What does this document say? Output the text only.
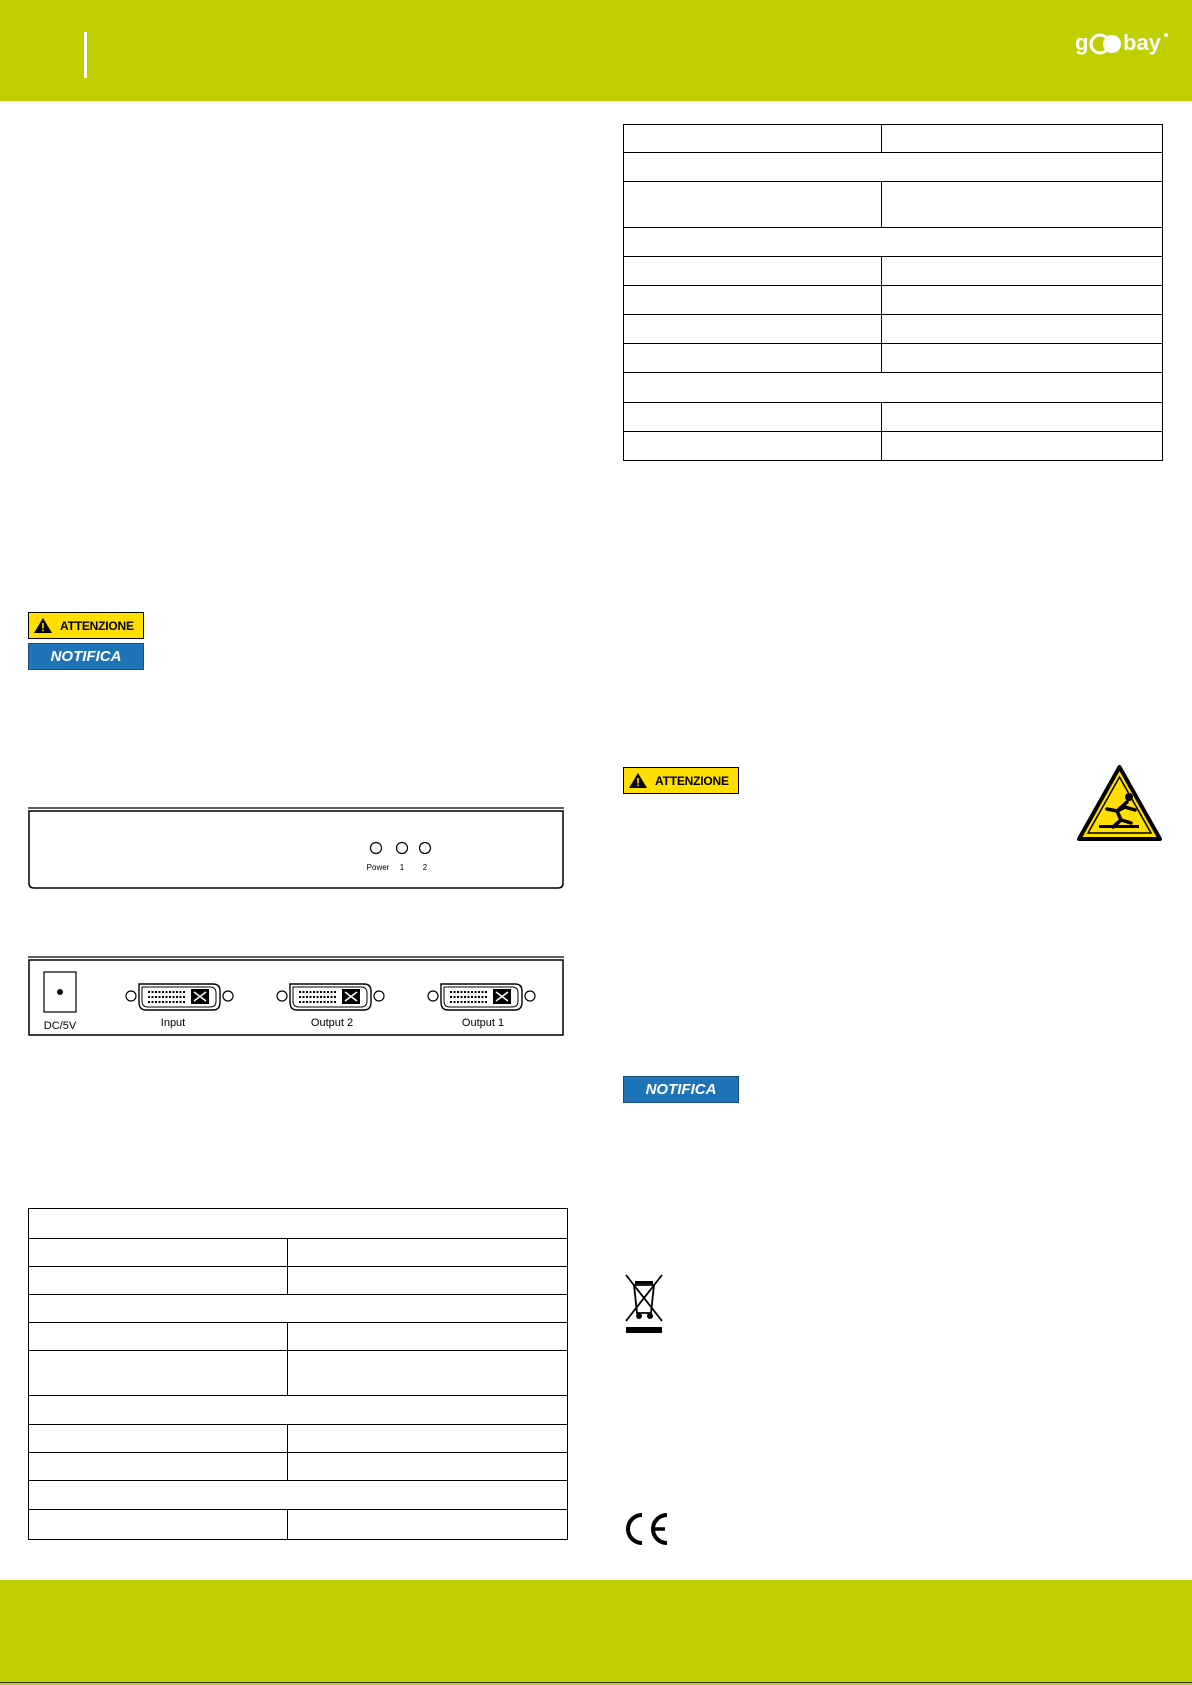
g bay
ATTENZIONE
NOTIFICA
Power 1 2
DC/5V	Input	Output 2	Output 1

ATTENZIONE
NOTIFICA
